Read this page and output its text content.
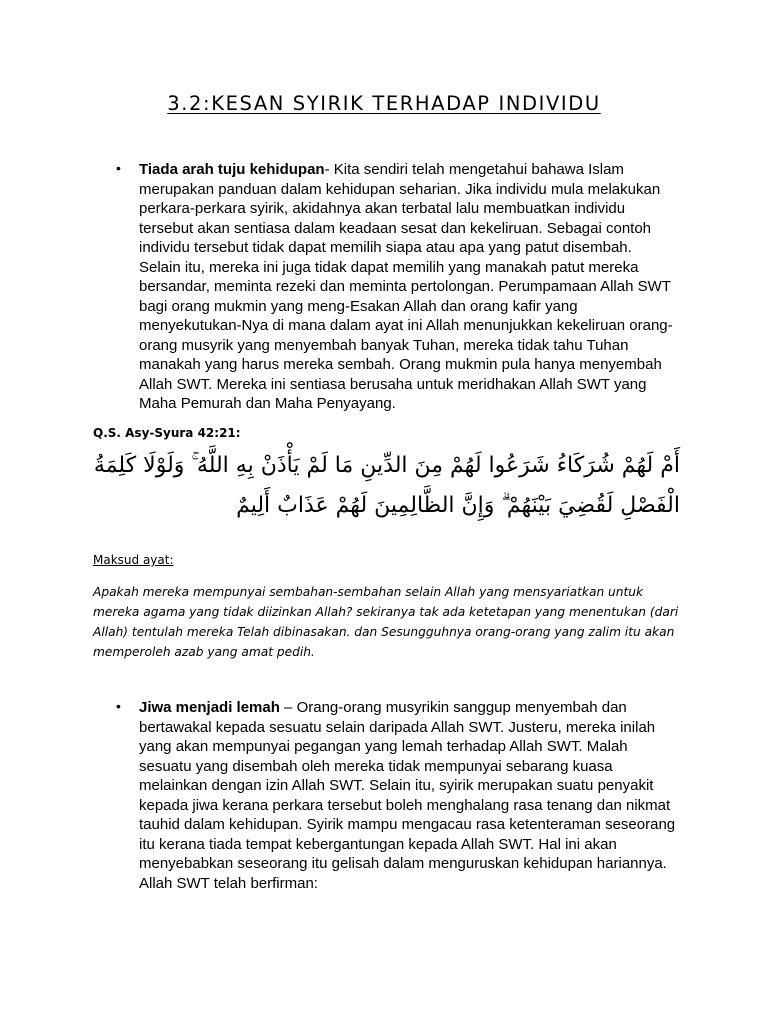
3.2:KESAN SYIRIK TERHADAP INDIVIDU
• Tiada arah tuju kehidupan- Kita sendiri telah mengetahui bahawa Islam merupakan panduan dalam kehidupan seharian. Jika individu mula melakukan perkara-perkara syirik, akidahnya akan terbatal lalu membuatkan individu tersebut akan sentiasa dalam keadaan sesat dan kekeliruan. Sebagai contoh individu tersebut tidak dapat memilih siapa atau apa yang patut disembah. Selain itu, mereka ini juga tidak dapat memilih yang manakah patut mereka bersandar, meminta rezeki dan meminta pertolongan. Perumpamaan Allah SWT bagi orang mukmin yang meng-Esakan Allah dan orang kafir yang menyekutukan-Nya di mana dalam ayat ini Allah menunjukkan kekeliruan orang-orang musyrik yang menyembah banyak Tuhan, mereka tidak tahu Tuhan manakah yang harus mereka sembah. Orang mukmin pula hanya menyembah Allah SWT. Mereka ini sentiasa berusaha untuk meridhakan Allah SWT yang Maha Pemurah dan Maha Penyayang.
Q.S. Asy-Syura 42:21:
أَمْ لَهُمْ شُرَكَاءُ شَرَعُوا لَهُمْ مِنَ الدِّينِ مَا لَمْ يَأْذَنْ بِهِ اللَّهُ ۚ وَلَوْلَا كَلِمَةُ الْفَصْلِ لَقُضِيَ بَيْنَهُمْ ۗ وَإِنَّ الظَّالِمِينَ لَهُمْ عَذَابٌ أَلِيمٌ
Maksud ayat:
Apakah mereka mempunyai sembahan-sembahan selain Allah yang mensyariatkan untuk mereka agama yang tidak diizinkan Allah? sekiranya tak ada ketetapan yang menentukan (dari Allah) tentulah mereka Telah dibinasakan. dan Sesungguhnya orang-orang yang zalim itu akan memperoleh azab yang amat pedih.
• Jiwa menjadi lemah – Orang-orang musyrikin sanggup menyembah dan bertawakal kepada sesuatu selain daripada Allah SWT. Justeru, mereka inilah yang akan mempunyai pegangan yang lemah terhadap Allah SWT. Malah sesuatu yang disembah oleh mereka tidak mempunyai sebarang kuasa melainkan dengan izin Allah SWT. Selain itu, syirik merupakan suatu penyakit kepada jiwa kerana perkara tersebut boleh menghalang rasa tenang dan nikmat tauhid dalam kehidupan. Syirik mampu mengacau rasa ketenteraman seseorang itu kerana tiada tempat kebergantungan kepada Allah SWT. Hal ini akan menyebabkan seseorang itu gelisah dalam menguruskan kehidupan hariannya. Allah SWT telah berfirman:
